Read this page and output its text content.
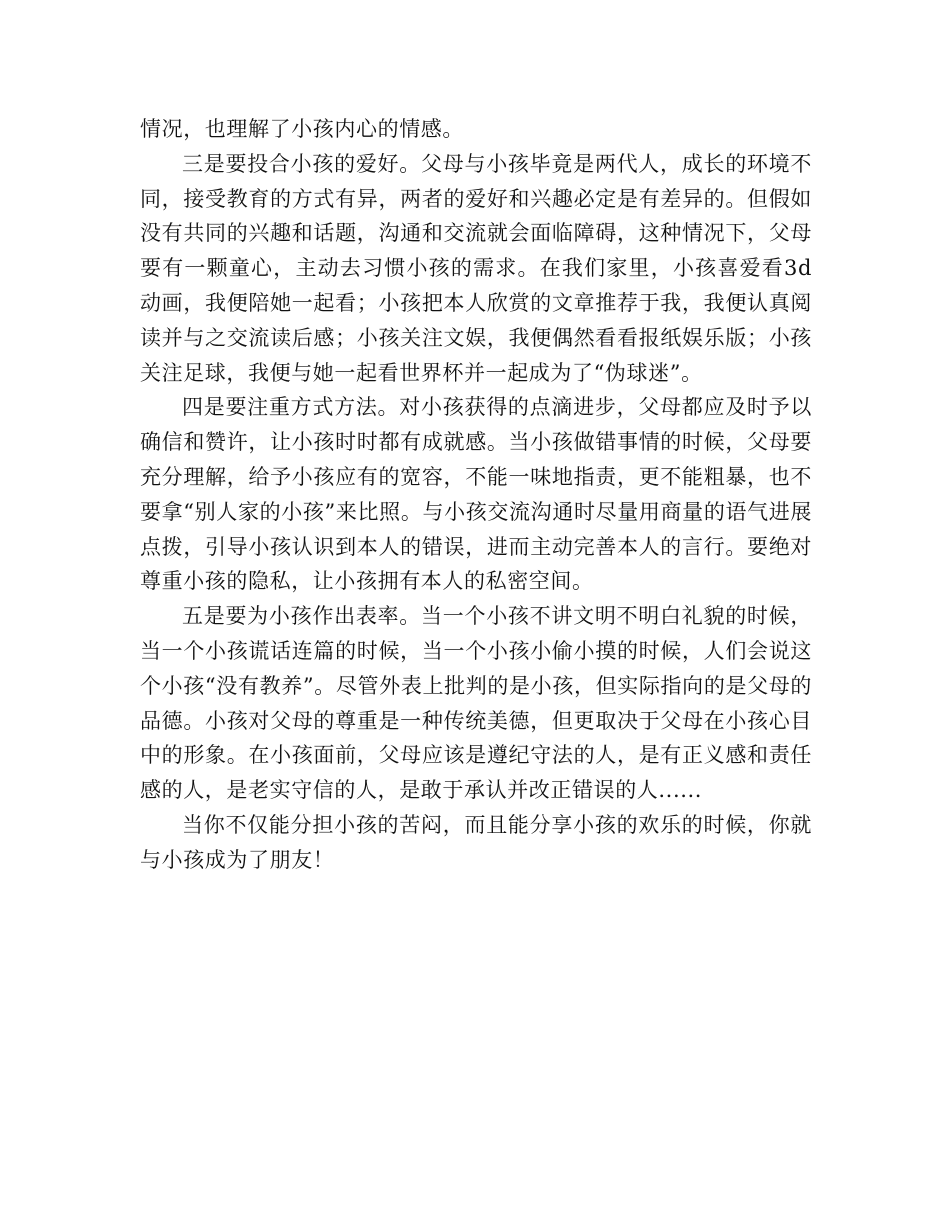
情况，也理解了小孩内心的情感。

三是要投合小孩的爱好。父母与小孩毕竟是两代人，成长的环境不同，接受教育的方式有异，两者的爱好和兴趣必定是有差异的。但假如没有共同的兴趣和话题，沟通和交流就会面临障碍，这种情况下，父母要有一颗童心，主动去习惯小孩的需求。在我们家里，小孩喜爱看3d动画，我便陪她一起看；小孩把本人欣赏的文章推荐于我，我便认真阅读并与之交流读后感；小孩关注文娱，我便偶然看看报纸娱乐版；小孩关注足球，我便与她一起看世界杯并一起成为了“伪球迷”。

四是要注重方式方法。对小孩获得的点滴进步，父母都应及时予以确信和赞许，让小孩时时都有成就感。当小孩做错事情的时候，父母要充分理解，给予小孩应有的宽容，不能一味地指责，更不能粗暴，也不要拿“别人家的小孩”来比照。与小孩交流沟通时尽量用商量的语气进展点拨，引导小孩认识到本人的错误，进而主动完善本人的言行。要绝对尊重小孩的隐私，让小孩拥有本人的私密空间。

五是要为小孩作出表率。当一个小孩不讲文明不明白礼貌的时候，当一个小孩谎话连篇的时候，当一个小孩小偷小摸的时候，人们会说这个小孩“没有教养”。尽管外表上批判的是小孩，但实际指向的是父母的品德。小孩对父母的尊重是一种传统美德，但更取决于父母在小孩心目中的形象。在小孩面前，父母应该是遵纪守法的人，是有正义感和责任感的人，是老实守信的人，是敢于承认并改正错误的人......

当你不仅能分担小孩的苦闷，而且能分享小孩的欢乐的时候，你就与小孩成为了朋友！
